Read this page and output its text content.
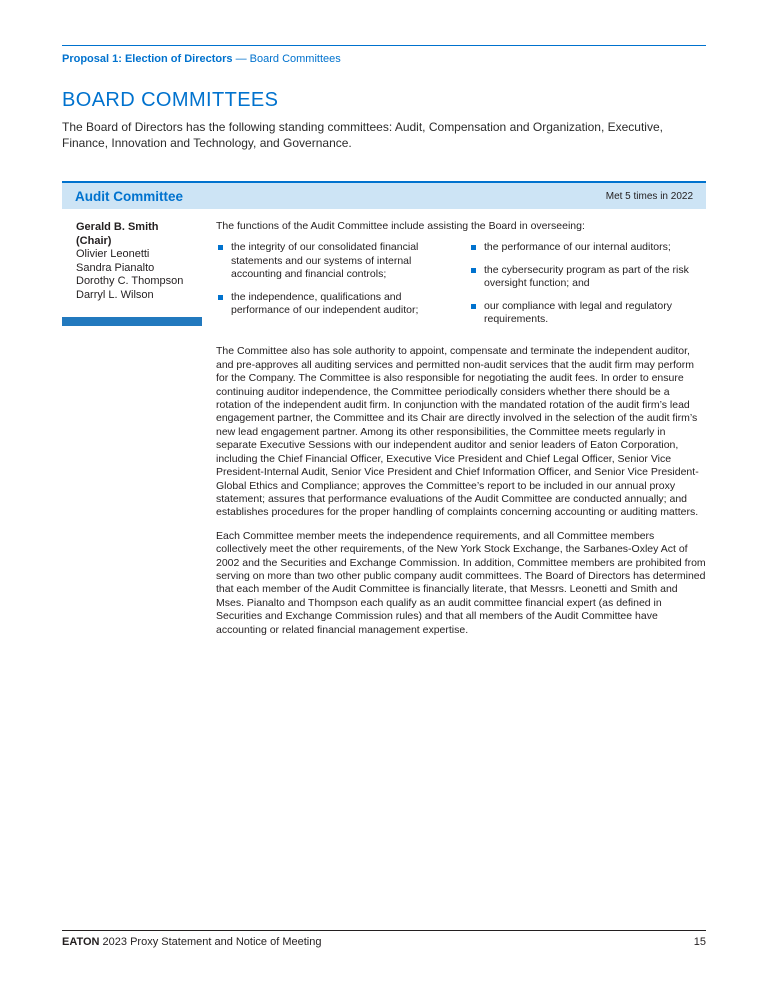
Proposal 1: Election of Directors — Board Committees
BOARD COMMITTEES

The Board of Directors has the following standing committees: Audit, Compensation and Organization, Executive, Finance, Innovation and Technology, and Governance.

Audit Committee	Met 5 times in 2022
Gerald B. Smith
(Chair)
Olivier Leonetti
Sandra Pianalto
Dorothy C. Thompson
Darryl L. Wilson

The functions of the Audit Committee include assisting the Board in overseeing:

the integrity of our consolidated financial statements and our systems of internal accounting and financial controls;
the independence, qualifications and performance of our independent auditor;
the performance of our internal auditors;
the cybersecurity program as part of the risk oversight function; and
our compliance with legal and regulatory requirements.

The Committee also has sole authority to appoint, compensate and terminate the independent auditor, and pre-approves all auditing services and permitted non-audit services that the audit firm may perform for the Company. The Committee is also responsible for negotiating the audit fees. In order to ensure continuing auditor independence, the Committee periodically considers whether there should be a rotation of the independent audit firm. In conjunction with the mandated rotation of the audit firm’s lead engagement partner, the Committee and its Chair are directly involved in the selection of the audit firm’s new lead engagement partner. Among its other responsibilities, the Committee meets regularly in separate Executive Sessions with our independent auditor and senior leaders of Eaton Corporation, including the Chief Financial Officer, Executive Vice President and Chief Legal Officer, Senior Vice President-Internal Audit, Senior Vice President and Chief Information Officer, and Senior Vice President-Global Ethics and Compliance; approves the Committee’s report to be included in our annual proxy statement; assures that performance evaluations of the Audit Committee are conducted annually; and establishes procedures for the proper handling of complaints concerning accounting or auditing matters.

Each Committee member meets the independence requirements, and all Committee members collectively meet the other requirements, of the New York Stock Exchange, the Sarbanes-Oxley Act of 2002 and the Securities and Exchange Commission. In addition, Committee members are prohibited from serving on more than two other public company audit committees. The Board of Directors has determined that each member of the Audit Committee is financially literate, that Messrs. Leonetti and Smith and Mses. Pianalto and Thompson each qualify as an audit committee financial expert (as defined in Securities and Exchange Commission rules) and that all members of the Audit Committee have accounting or related financial management expertise.

EATON 2023 Proxy Statement and Notice of Meeting	15
